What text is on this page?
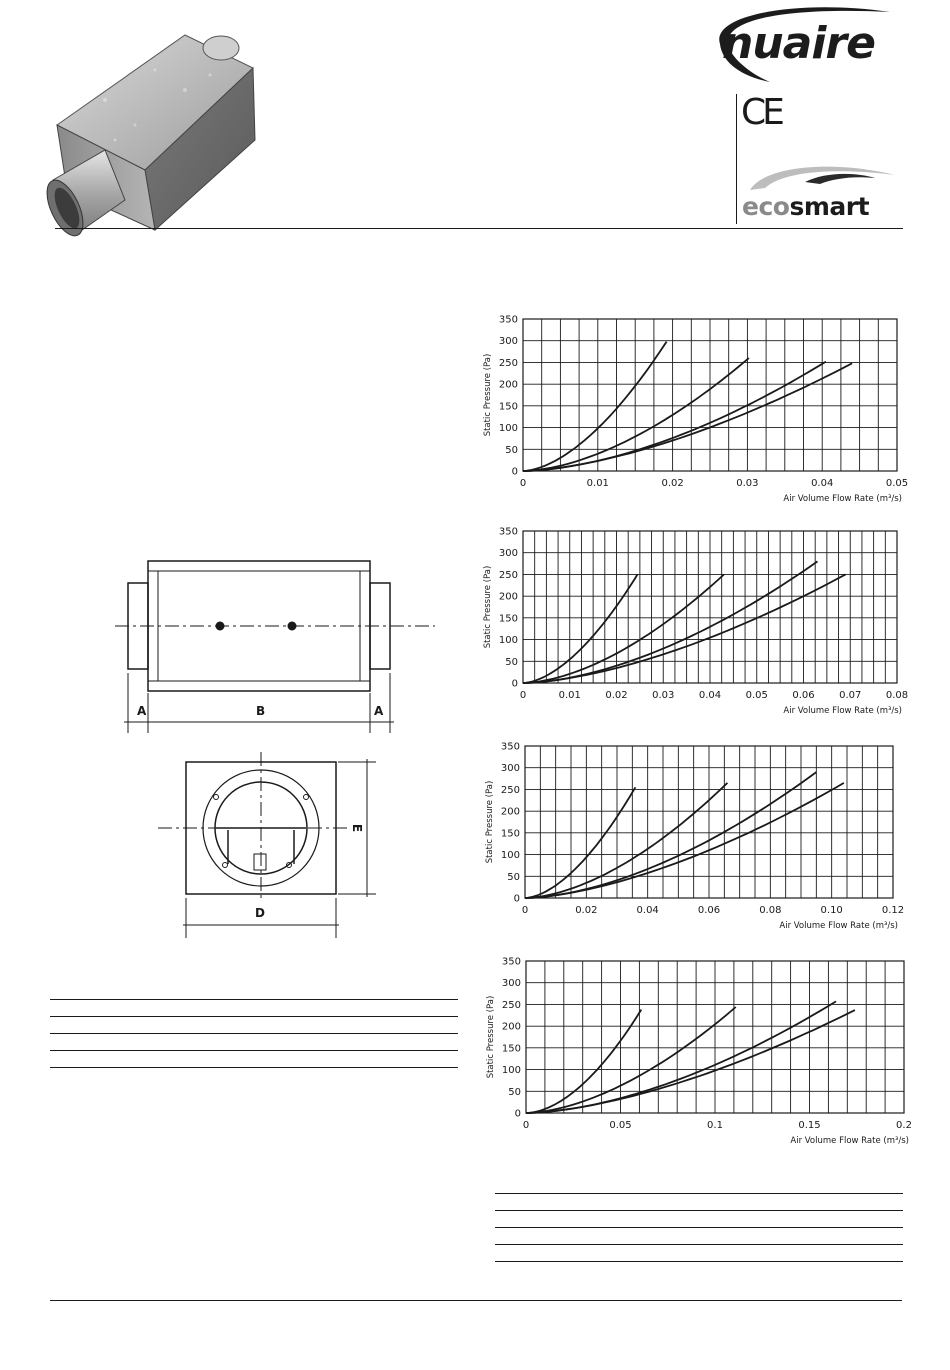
nuaire
CE
ecosmart
A	B	A
D
E
0
50
100
150
200
250
300
350
0	0.01	0.02	0.03	0.04	0.05
Air Volume Flow Rate (m³/s)
Static Pressure (Pa)
0
50
100
150
200
250
300
350
0	0.01 0.02 0.03 0.04 0.05 0.06 0.07 0.08
Air Volume Flow Rate (m³/s)
Static Pressure (Pa)
0
50
100
150
200
250
300
350
0	0.02	0.04	0.06	0.08	0.10	0.12
Air Volume Flow Rate (m³/s)
Static Pressure (Pa)
0
50
100
150
200
250
300
350
0	0.05	0.1	0.15	0.2
Air Volume Flow Rate (m³/s)
Static Pressure (Pa)
